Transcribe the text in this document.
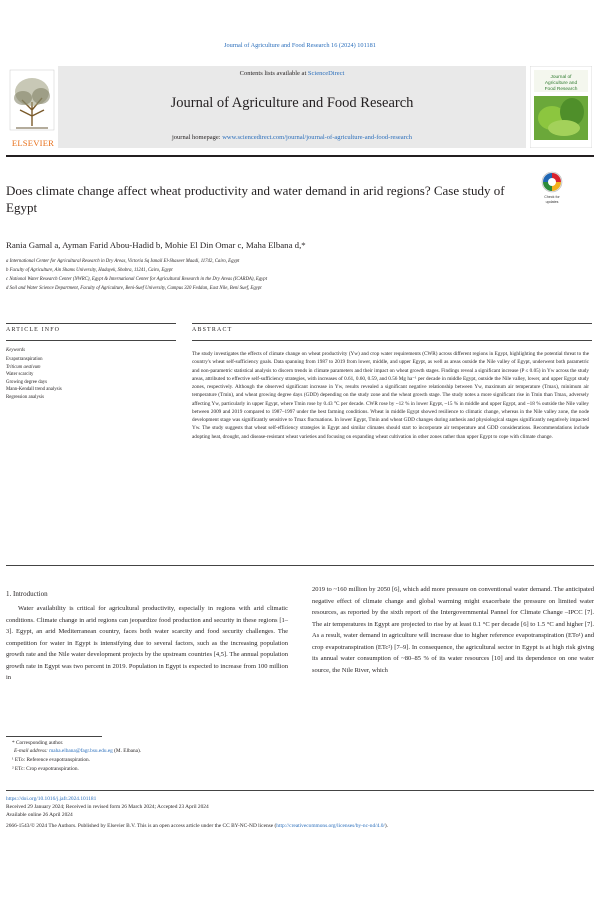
Journal of Agriculture and Food Research 16 (2024) 101181
ELSEVIER
Contents lists available at ScienceDirect
Journal of Agriculture and Food Research
journal homepage: www.sciencedirect.com/journal/journal-of-agriculture-and-food-research
Journal of
Agriculture and
Food Research
Does climate change affect wheat productivity and water demand in arid regions? Case study of Egypt
Check for
updates
Rania Gamal a, Ayman Farid Abou-Hadid b, Mohie El Din Omar c, Maha Elbana d,*
a International Center for Agricultural Research in Dry Areas, Victoria Sq Ismail El-Shaseer Maadi, 11742, Cairo, Egypt
b Faculty of Agriculture, Ain Shams University, Hadayek, Shobra, 11241, Cairo, Egypt
c National Water Research Center (NWRC), Egypt & International Center for Agricultural Research in the Dry Areas (ICARDA), Egypt
d Soil and Water Science Department, Faculty of Agriculture, Beni-Suef University, Campus 320 Feddan, East Nile, Beni Suef, Egypt
ARTICLE INFO
Keywords
Evapotranspiration
Triticum aestivum
Water scarcity
Growing degree days
Mann-Kendall trend analysis
Regression analysis
ABSTRACT
The study investigates the effects of climate change on wheat productivity (Yw) and crop water requirements (CWR) across different regions in Egypt, highlighting the potential threat to the country's wheat self-sufficiency goals. Data spanning from 1987 to 2019 from lower, middle, and upper Egypt, as well as areas outside the Nile valley of Egypt, underwent both parametric and non-parametric statistical analysis to discern trends in climate parameters and their impact on wheat growth stages. Findings reveal a significant increase (P ≤ 0.05) in Yw across the study areas, attributed to effective self-sufficiency strategies, with increases of 0.61, 0.60, 0.59, and 0.56 Mg ha⁻¹ per decade in middle Egypt, outside the Nile valley, lower, and upper Egypt study zones, respectively. Although the observed significant increase in Yw, results revealed a significant negative relationship between Yw, maximum air temperature (Tmax), minimum air temperature (Tmin), and wheat growing degree days (GDD) depending on the study zone and the wheat growth stage. The study notes a more significant rise in Tmin than Tmax, adversely affecting Yw, particularly in upper Egypt, where Tmin rose by 0.43 °C per decade. CWR rose by ~12 % in lower Egypt, ~15 % in middle and upper Egypt, and ~18 % outside the Nile valley between 2009 and 2019 compared to 1987–1997 under the best farming conditions. Wheat in middle Egypt showed resilience to climatic change, whereas in the Nile valley zone, the node development stage was significantly sensitive to Tmax fluctuations. In lower Egypt, Tmin and wheat GDD changes during anthesis and physiological stages significantly negatively impacted Yw. The study suggests that wheat self-efficiency strategies in Egypt and similar climates should start to incorporate air temperature and GDD considerations. Recommendations include adopting heat, drought, and disease-resistant wheat varieties and focusing on expanding wheat cultivation in other zones rather than upper Egypt to cope with climate change.
1. Introduction
Water availability is critical for agricultural productivity, especially in regions with arid climatic conditions. Climate change in arid regions can jeopardize food production and security in these regions [1–3]. Egypt, an arid Mediterranean country, faces both water scarcity and food security challenges. The competition for water in Egypt is intensifying due to several factors, such as the increasing population growth rate and the Nile water development projects by the upstream countries [4,5]. The annual population growth rate in Egypt was two percent in 2019. Population in Egypt is expected to increase from 100 million in
2019 to ~160 million by 2050 [6], which add more pressure on conventional water demand. The anticipated negative effect of climate change and global warming might exacerbate the pressure on limited water resources, as reported by the sixth report of the Intergovernmental Pannel for Climate Change –IPCC [7]. The air temperatures in Egypt are projected to rise by at least 0.1 °C per decade [6] to 1.5 °C and higher [7]. As a result, water demand in agriculture will increase due to higher reference evapotranspiration (ETo¹) and crop evapotranspiration (ETc²) [7–9]. In consequence, the agricultural sector in Egypt is at high risk giving its annual water consumption of ~80–85 % of its water resources [10] and its dependence on one water source, the Nile River, which
* Corresponding author.
E-mail address: maha.elbana@fagr.bsu.edu.eg (M. Elbana).
¹ ETo: Reference evapotranspiration.
² ETc: Crop evapotranspiration.
https://doi.org/10.1016/j.jafr.2024.101181
Received 29 January 2024; Received in revised form 26 March 2024; Accepted 23 April 2024
Available online 26 April 2024
2666-1543/© 2024 The Authors. Published by Elsevier B.V. This is an open access article under the CC BY-NC-ND license (http://creativecommons.org/licenses/by-nc-nd/4.0/).
